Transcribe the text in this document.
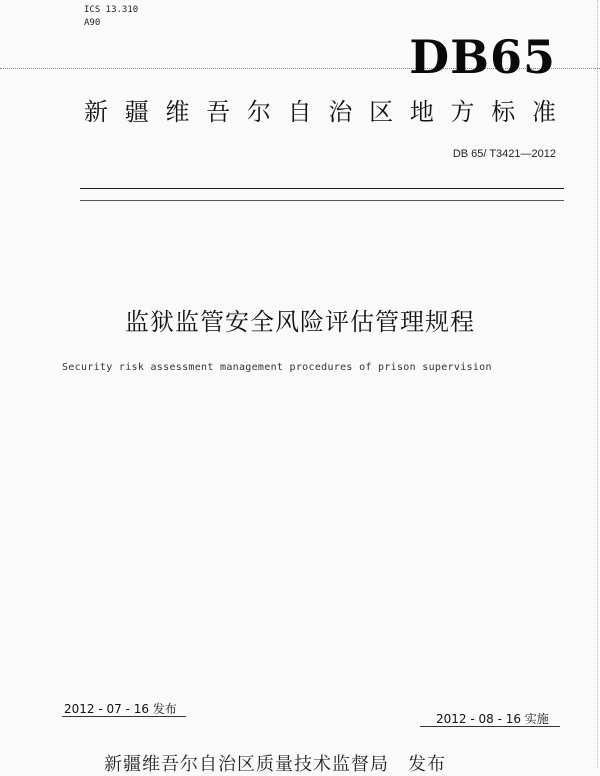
ICS 13.310
A90
DB65
新疆维吾尔自治区地方标准
DB 65/ T3421—2012
监狱监管安全风险评估管理规程
Security risk assessment management procedures of prison supervision
2012 - 07 - 16 发布
2012 - 08 - 16 实施
新疆维吾尔自治区质量技术监督局　发布
